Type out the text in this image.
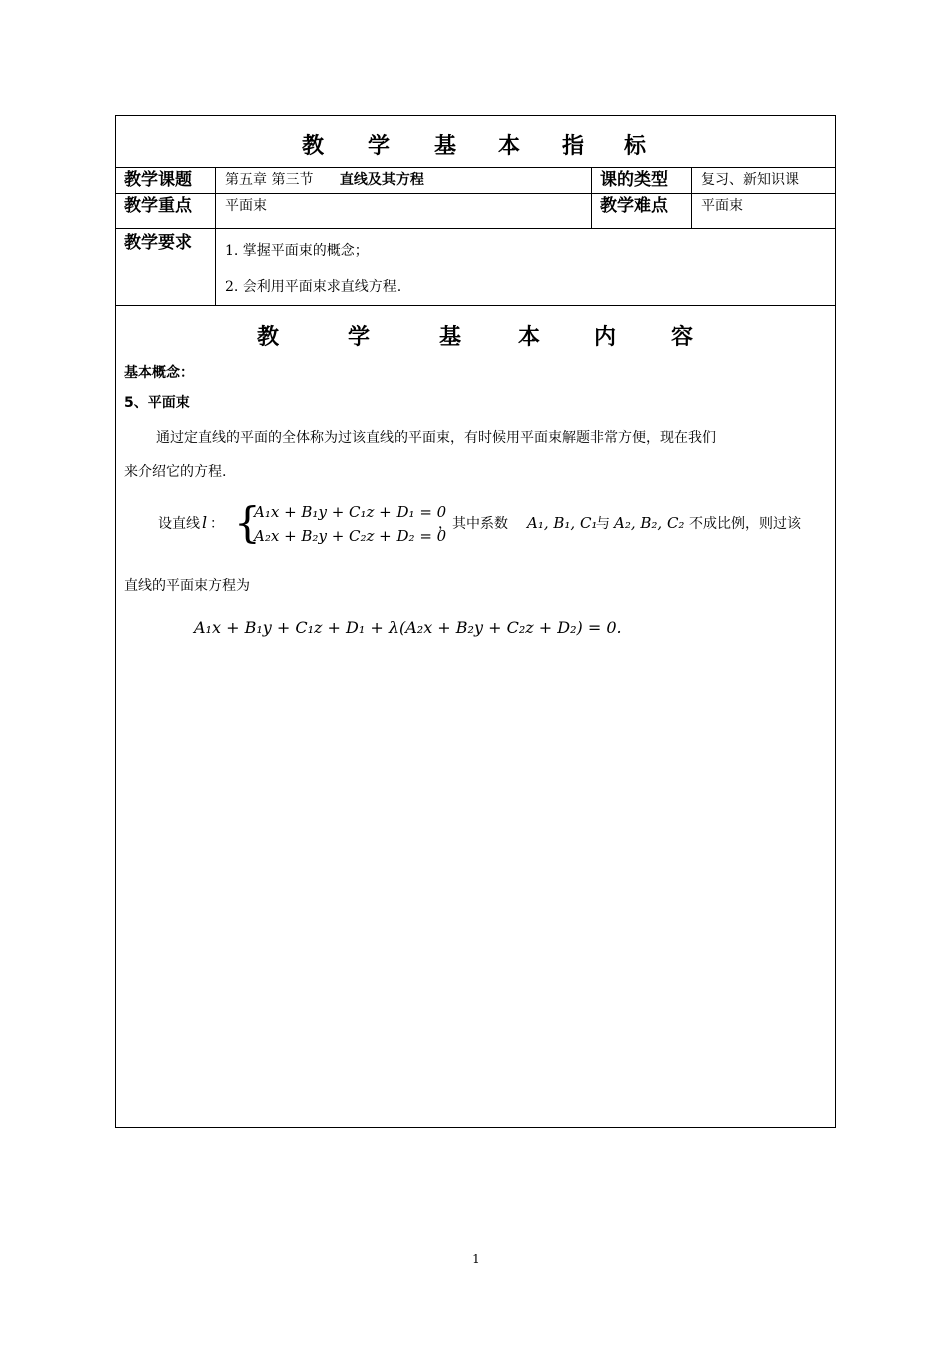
教 学 基 本 指 标
教学课题	第五章 第三节 直线及其方程	课的类型	复习、新知识课
教学重点	平面束	教学难点	平面束
教学要求	1. 掌握平面束的概念；
2. 会利用平面束求直线方程.
教	学	基	本 内 容
基本概念：
5、平面束
通过定直线的平面的全体称为过该直线的平面束，有时候用平面束解题非常方便，现在我们
来介绍它的方程.
设直线 l ： {
A₁x + B₁y + C₁z + D₁ = 0
A₂x + B₂y + C₂z + D₂ = 0
，其中系数 A₁, B₁, C₁
与 A₂, B₂, C₂ 不成比例，则过该
直线的平面束方程为
A₁x + B₁y + C₁z + D₁ + λ(A₂x + B₂y + C₂z + D₂) = 0.
1
